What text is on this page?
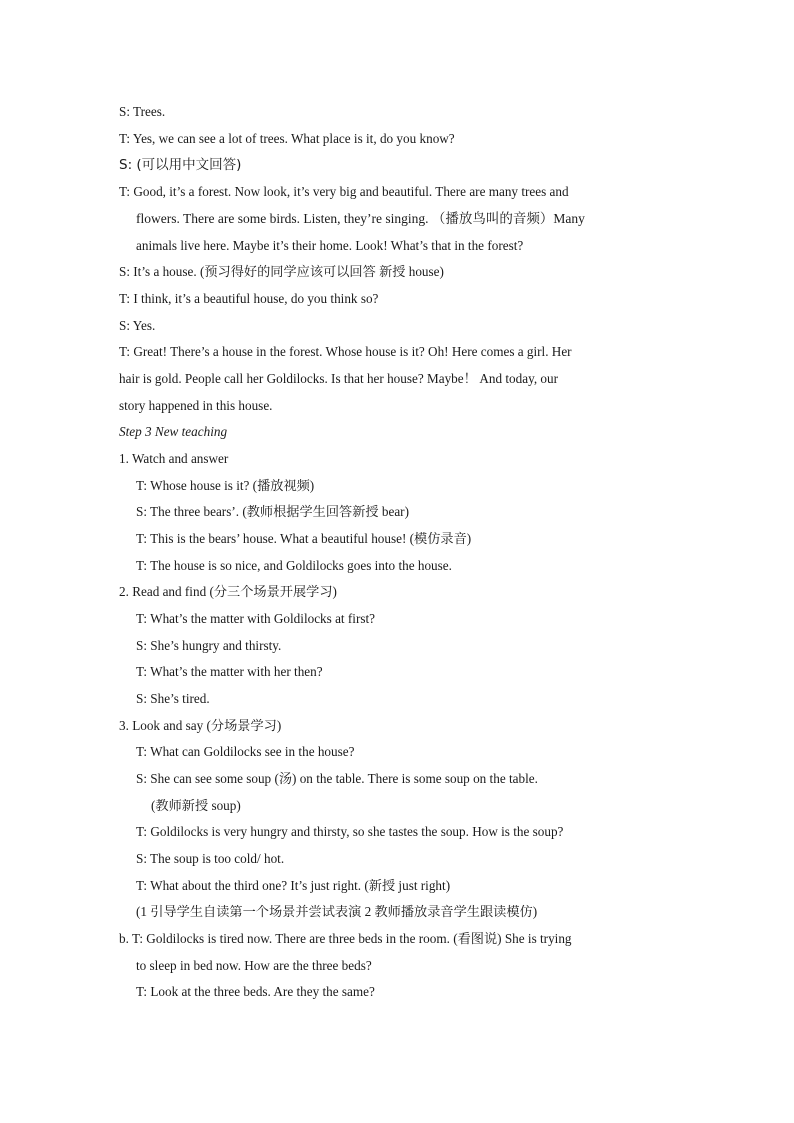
S: Trees.
T: Yes, we can see a lot of trees. What place is it, do you know?
S: (可以用中文回答)
T: Good, it’s a forest. Now look, it’s very big and beautiful. There are many trees and
flowers. There are some birds. Listen, they’re singing. （播放鸟叫的音频）Many
animals live here. Maybe it’s their home. Look! What’s that in the forest?
S: It’s a house. (预习得好的同学应该可以回答 新授 house)
T: I think, it’s a beautiful house, do you think so?
S: Yes.
T: Great! There’s a house in the forest. Whose house is it? Oh! Here comes a girl. Her
hair is gold. People call her Goldilocks. Is that her house? Maybe！ And today, our
story happened in this house.
Step 3 New teaching
1. Watch and answer
T: Whose house is it? (播放视频)
S: The three bears’. (教师根据学生回答新授 bear)
T: This is the bears’ house. What a beautiful house! (模仿录音)
T: The house is so nice, and Goldilocks goes into the house.
2. Read and find (分三个场景开展学习)
T: What’s the matter with Goldilocks at first?
S: She’s hungry and thirsty.
T: What’s the matter with her then?
S: She’s tired.
3. Look and say (分场景学习)
T: What can Goldilocks see in the house?
S: She can see some soup (汤) on the table. There is some soup on the table.
(教师新授 soup)
T: Goldilocks is very hungry and thirsty, so she tastes the soup. How is the soup?
S: The soup is too cold/ hot.
T: What about the third one? It’s just right. (新授 just right)
(1 引导学生自读第一个场景并尝试表演 2 教师播放录音学生跟读模仿)
b. T: Goldilocks is tired now. There are three beds in the room. (看图说) She is trying
to sleep in bed now. How are the three beds?
T: Look at the three beds. Are they the same?
